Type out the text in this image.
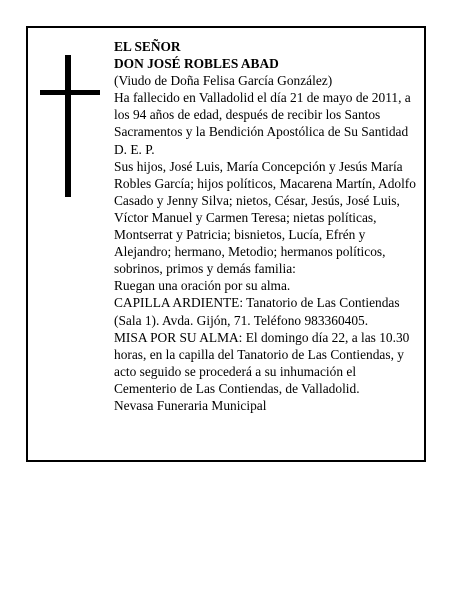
EL SEÑOR

DON JOSÉ ROBLES ABAD

(Viudo de Doña Felisa García González)

Ha fallecido en Valladolid el día 21 de mayo de 2011, a los 94 años de edad, después de recibir los Santos Sacramentos y la Bendición Apostólica de Su Santidad

D. E. P.

Sus hijos, José Luis, María Concepción y Jesús María Robles García; hijos políticos, Macarena Martín, Adolfo Casado y Jenny Silva; nietos, César, Jesús, José Luis, Víctor Manuel y Carmen Teresa; nietas políticas, Montserrat y Patricia; bisnietos, Lucía, Efrén y Alejandro; hermano, Metodio; hermanos políticos, sobrinos, primos y demás familia:

Ruegan una oración por su alma.

CAPILLA ARDIENTE: Tanatorio de Las Contiendas (Sala 1). Avda. Gijón, 71. Teléfono 983360405.

MISA POR SU ALMA: El domingo día 22, a las 10.30 horas, en la capilla del Tanatorio de Las Contiendas, y acto seguido se procederá a su inhumación el Cementerio de Las Contiendas, de Valladolid.

Nevasa Funeraria Municipal
